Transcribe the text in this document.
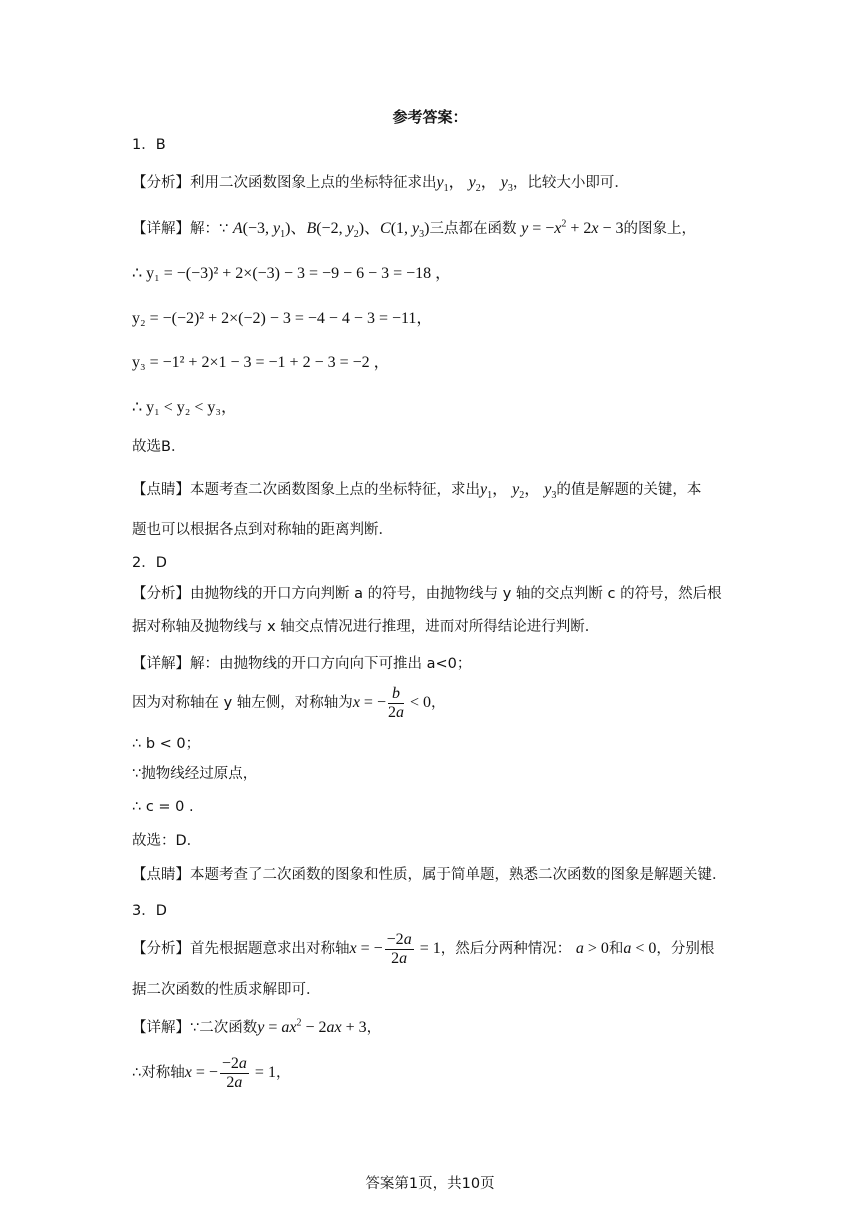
参考答案：
1．B
【分析】利用二次函数图象上点的坐标特征求出$y_1$， $y_2$， $y_3$，比较大小即可．
【详解】解：∵ A(−3, $y_1$)、B(−2, $y_2$)、C(1, $y_3$)三点都在函数 $y = -x^2 + 2x - 3$的图象上，
∴ y₁ = −(−3)² + 2×(−3) − 3 = −9 − 6 − 3 = −18 ，
y₂ = −(−2)² + 2×(−2) − 3 = −4 − 4 − 3 = −11，
y₃ = −1² + 2×1 − 3 = −1 + 2 − 3 = −2 ，
∴ y₁ < y₂ < y₃，
故选B．
【点睛】本题考查二次函数图象上点的坐标特征，求出$y_1$， $y_2$， $y_3$的值是解题的关键，本
题也可以根据各点到对称轴的距离判断．
2．D
【分析】由抛物线的开口方向判断 a 的符号，由抛物线与 y 轴的交点判断 c 的符号，然后根
据对称轴及抛物线与 x 轴交点情况进行推理，进而对所得结论进行判断．
【详解】解：由抛物线的开口方向向下可推出 a<0；
因为对称轴在 y 轴左侧，对称轴为x = − $\frac{b}{2a} < 0$，
∴ b < 0；
∵抛物线经过原点，
∴ c = 0 .
故选：D．
【点睛】本题考查了二次函数的图象和性质，属于简单题，熟悉二次函数的图象是解题关键．
3．D
【分析】首先根据题意求出对称轴x = − $\frac{-2a}{2a} = 1$，然后分两种情况： a > 0和a < 0，分别根
据二次函数的性质求解即可．
【详解】∵二次函数$y = ax^2 - 2ax + 3$，
∴对称轴x = − $\frac{-2a}{2a} = 1$，
答案第1页，共10页
